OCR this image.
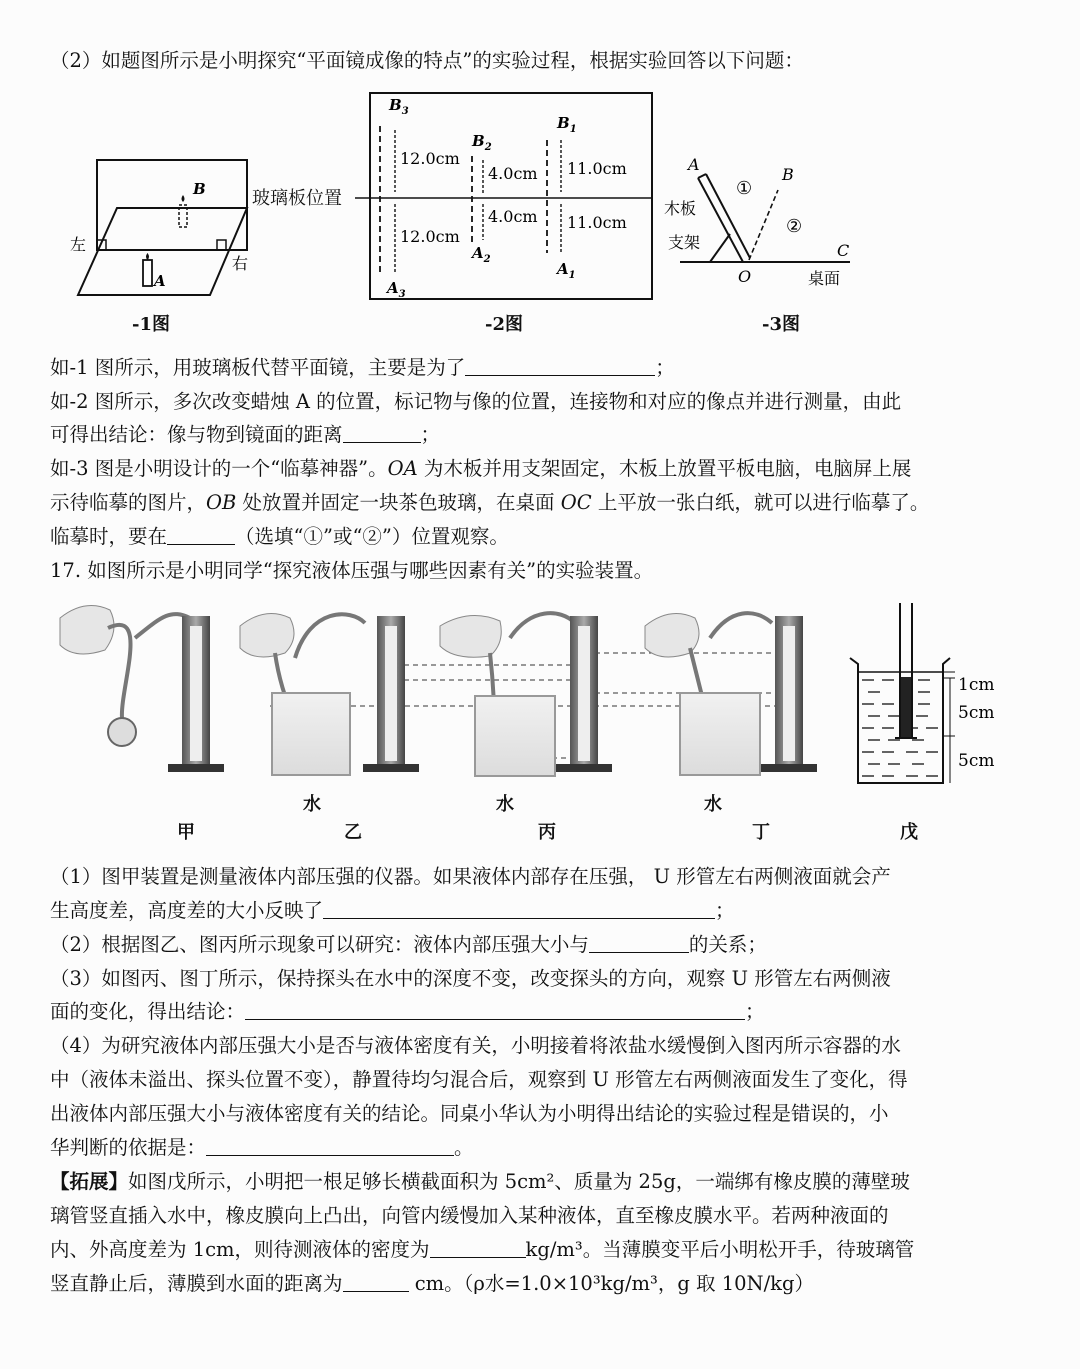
（2）如题图所示是小明探究“平面镜成像的特点”的实验过程，根据实验回答以下问题：
B
A
左
右
-1图
玻璃板位置
$B_3$
$B_2$
$B_1$
$A_3$
$A_2$
$A_1$
12.0cm
12.0cm
4.0cm
4.0cm
11.0cm
11.0cm
-2图
A
B
C
O
①
②
木板
支架
桌面
-3图
如-1 图所示，用玻璃板代替平面镜，主要是为了	；
如-2 图所示，多次改变蜡烛 A 的位置，标记物与像的位置，连接物和对应的像点并进行测量，由此
可得出结论：像与物到镜面的距离	；
如-3 图是小明设计的一个“临摹神器”。OA 为木板并用支架固定，木板上放置平板电脑，电脑屏上展
示待临摹的图片，OB 处放置并固定一块茶色玻璃，在桌面 OC 上平放一张白纸，就可以进行临摹了。
临摹时，要在	（选填“①”或“②”）位置观察。
17. 如图所示是小明同学“探究液体压强与哪些因素有关”的实验装置。
1cm
5cm
5cm
水	水	水
甲	乙	丙	丁	戊
（1）图甲装置是测量液体内部压强的仪器。如果液体内部存在压强， U 形管左右两侧液面就会产
生高度差，高度差的大小反映了	；
（2）根据图乙、图丙所示现象可以研究：液体内部压强大小与	的关系；
（3）如图丙、图丁所示，保持探头在水中的深度不变，改变探头的方向，观察 U 形管左右两侧液
面的变化，得出结论：	；
（4）为研究液体内部压强大小是否与液体密度有关，小明接着将浓盐水缓慢倒入图丙所示容器的水
中（液体未溢出、探头位置不变），静置待均匀混合后，观察到 U 形管左右两侧液面发生了变化，得
出液体内部压强大小与液体密度有关的结论。同桌小华认为小明得出结论的实验过程是错误的，小
华判断的依据是：	。
【拓展】如图戊所示，小明把一根足够长横截面积为 5cm²、质量为 25g，一端绑有橡皮膜的薄壁玻
璃管竖直插入水中，橡皮膜向上凸出，向管内缓慢加入某种液体，直至橡皮膜水平。若两种液面的
内、外高度差为 1cm，则待测液体的密度为	kg/m³。当薄膜变平后小明松开手，待玻璃管
竖直静止后，薄膜到水面的距离为	cm。（ρ水=1.0×10³kg/m³，g 取 10N/kg）
